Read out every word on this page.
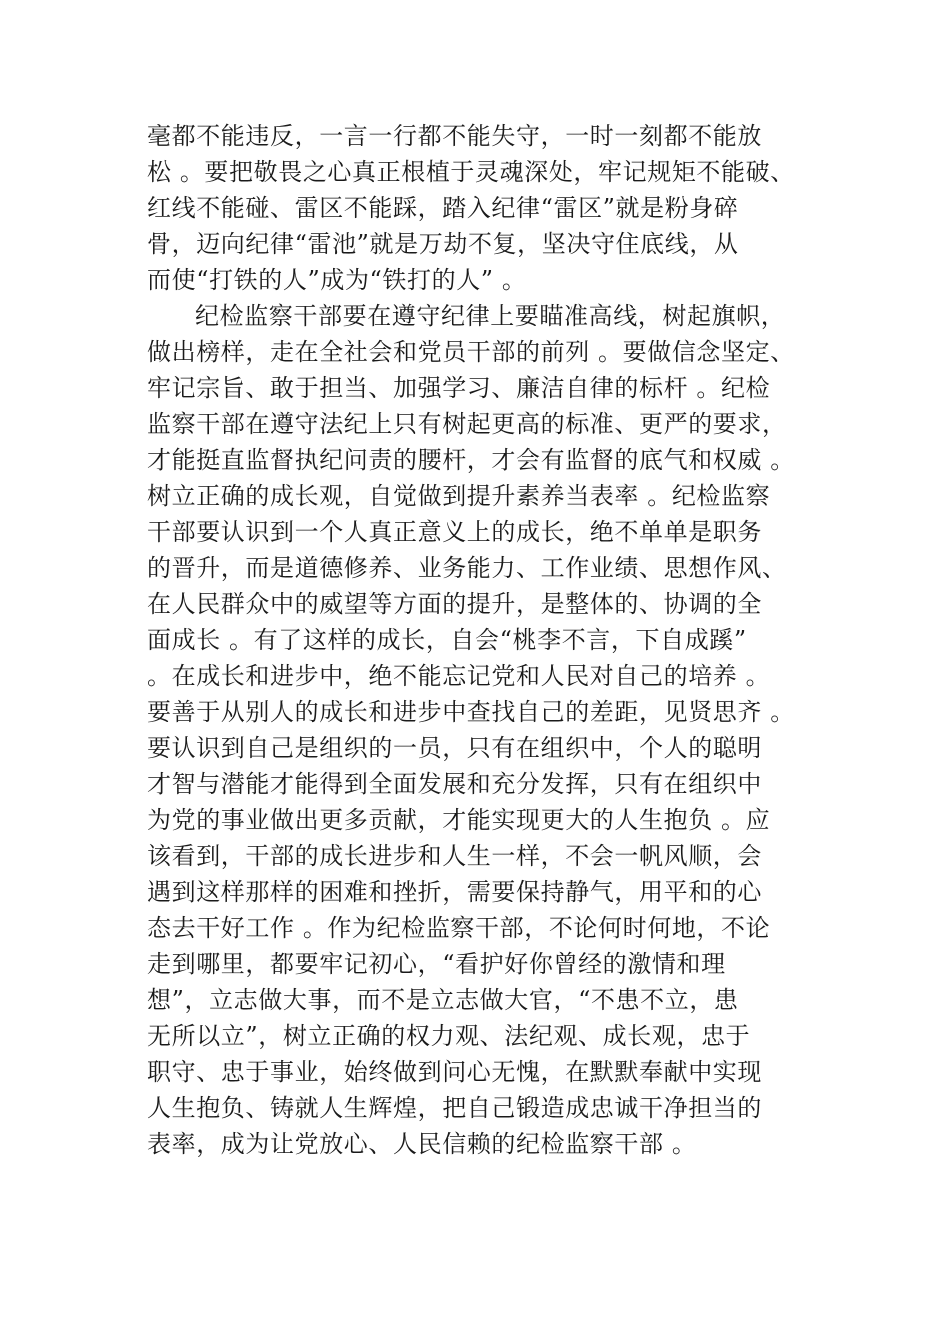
毫都不能违反，一言一行都不能失守，一时一刻都不能放
松 。要把敬畏之心真正根植于灵魂深处，牢记规矩不能破、
红线不能碰、雷区不能踩，踏入纪律“雷区”就是粉身碎
骨，迈向纪律“雷池”就是万劫不复，坚决守住底线，从
而使“打铁的人”成为“铁打的人” 。
纪检监察干部要在遵守纪律上要瞄准高线，树起旗帜，
做出榜样，走在全社会和党员干部的前列 。要做信念坚定、
牢记宗旨、敢于担当、加强学习、廉洁自律的标杆 。纪检
监察干部在遵守法纪上只有树起更高的标准、更严的要求，
才能挺直监督执纪问责的腰杆，才会有监督的底气和权威 。
树立正确的成长观，自觉做到提升素养当表率 。纪检监察
干部要认识到一个人真正意义上的成长，绝不单单是职务
的晋升，而是道德修养、业务能力、工作业绩、思想作风、
在人民群众中的威望等方面的提升，是整体的、协调的全
面成长 。有了这样的成长，自会“桃李不言，下自成蹊”
。在成长和进步中，绝不能忘记党和人民对自己的培养 。
要善于从别人的成长和进步中查找自己的差距，见贤思齐 。
要认识到自己是组织的一员，只有在组织中，个人的聪明
才智与潜能才能得到全面发展和充分发挥，只有在组织中
为党的事业做出更多贡献，才能实现更大的人生抱负 。应
该看到，干部的成长进步和人生一样，不会一帆风顺，会
遇到这样那样的困难和挫折，需要保持静气，用平和的心
态去干好工作 。作为纪检监察干部，不论何时何地，不论
走到哪里，都要牢记初心，“看护好你曾经的激情和理
想”，立志做大事，而不是立志做大官，“不患不立，患
无所以立”，树立正确的权力观、法纪观、成长观，忠于
职守、忠于事业，始终做到问心无愧，在默默奉献中实现
人生抱负、铸就人生辉煌，把自己锻造成忠诚干净担当的
表率，成为让党放心、人民信赖的纪检监察干部 。
